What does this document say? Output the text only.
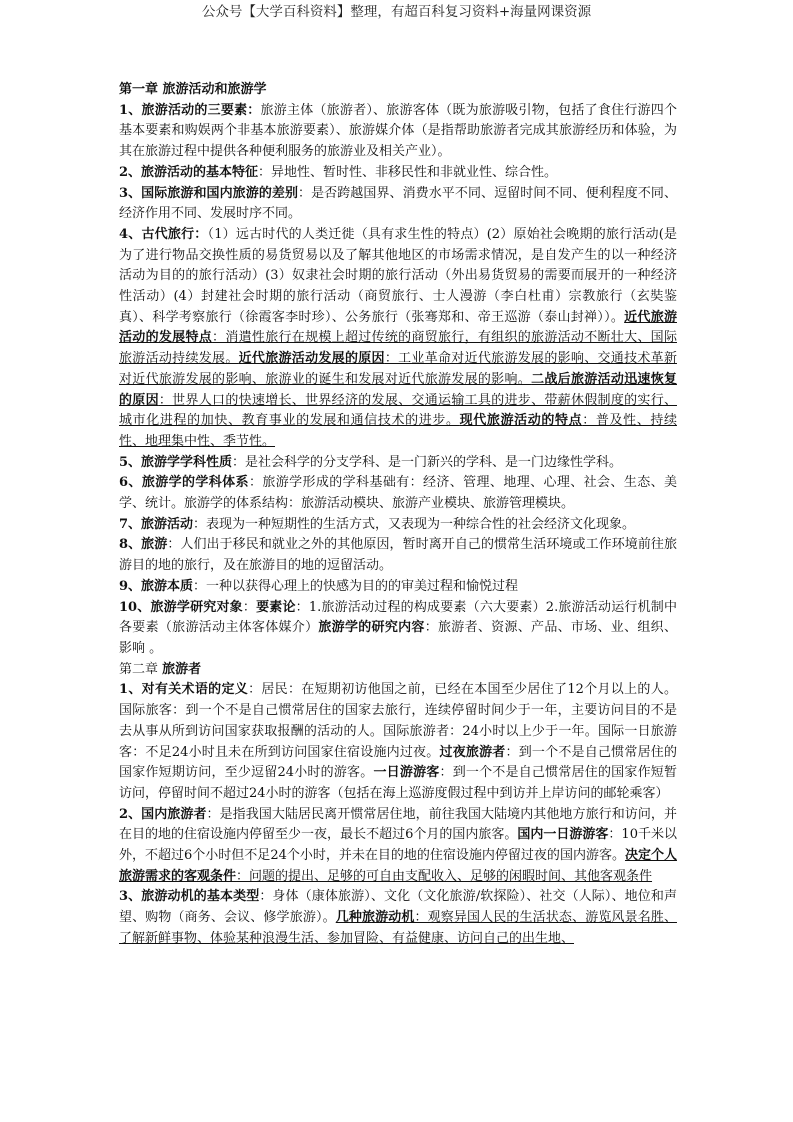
公众号【大学百科资料】整理，有超百科复习资料+海量网课资源

第一章 旅游活动和旅游学

1、旅游活动的三要素：旅游主体（旅游者）、旅游客体（既为旅游吸引物，包括了食住行游四个基本要素和购娱两个非基本旅游要素）、旅游媒介体（是指帮助旅游者完成其旅游经历和体验，为其在旅游过程中提供各种便利服务的旅游业及相关产业）。

2、旅游活动的基本特征：异地性、暂时性、非移民性和非就业性、综合性。

3、国际旅游和国内旅游的差别：是否跨越国界、消费水平不同、逗留时间不同、便利程度不同、经济作用不同、发展时序不同。

4、古代旅行：（1）远古时代的人类迁徙（具有求生性的特点）(2）原始社会晚期的旅行活动(是为了进行物品交换性质的易货贸易以及了解其他地区的市场需求情况，是自发产生的以一种经济活动为目的的旅行活动）(3）奴隶社会时期的旅行活动（外出易货贸易的需要而展开的一种经济性活动）(4）封建社会时期的旅行活动（商贸旅行、士人漫游（李白杜甫）宗教旅行（玄奘鉴真）、科学考察旅行（徐霞客李时珍）、公务旅行（张骞郑和、帝王巡游（泰山封禅））。近代旅游活动的发展特点：消遣性旅行在规模上超过传统的商贸旅行，有组织的旅游活动不断壮大、国际旅游活动持续发展。近代旅游活动发展的原因：工业革命对近代旅游发展的影响、交通技术革新对近代旅游发展的影响、旅游业的诞生和发展对近代旅游发展的影响。二战后旅游活动迅速恢复的原因：世界人口的快速增长、世界经济的发展、交通运输工具的进步、带薪休假制度的实行、城市化进程的加快、教育事业的发展和通信技术的进步。现代旅游活动的特点：普及性、持续性、地理集中性、季节性。

5、旅游学学科性质：是社会科学的分支学科、是一门新兴的学科、是一门边缘性学科。

6、旅游学的学科体系：旅游学形成的学科基础有：经济、管理、地理、心理、社会、生态、美学、统计。旅游学的体系结构：旅游活动模块、旅游产业模块、旅游管理模块。

7、旅游活动：表现为一种短期性的生活方式，又表现为一种综合性的社会经济文化现象。

8、旅游：人们出于移民和就业之外的其他原因，暂时离开自己的惯常生活环境或工作环境前往旅游目的地的旅行，及在旅游目的地的逗留活动。

9、旅游本质：一种以获得心理上的快感为目的的审美过程和愉悦过程

10、旅游学研究对象：要素论：1.旅游活动过程的构成要素（六大要素）2.旅游活动运行机制中各要素（旅游活动主体客体媒介）旅游学的研究内容：旅游者、资源、产品、市场、业、组织、影响 。

第二章 旅游者

1、对有关术语的定义：居民：在短期初访他国之前，已经在本国至少居住了12个月以上的人。国际旅客：到一个不是自己惯常居住的国家去旅行，连续停留时间少于一年，主要访问目的不是去从事从所到访问国家获取报酬的活动的人。国际旅游者：24小时以上少于一年。国际一日旅游客：不足24小时且未在所到访问国家住宿设施内过夜。过夜旅游者：到一个不是自己惯常居住的国家作短期访问，至少逗留24小时的游客。一日游游客：到一个不是自己惯常居住的国家作短暂访问，停留时间不超过24小时的游客（包括在海上巡游度假过程中到访并上岸访问的邮轮乘客）

2、国内旅游者：是指我国大陆居民离开惯常居住地，前往我国大陆境内其他地方旅行和访问，并在目的地的住宿设施内停留至少一夜，最长不超过6个月的国内旅客。国内一日游游客：10千米以外，不超过6个小时但不足24个小时，并未在目的地的住宿设施内停留过夜的国内游客。决定个人旅游需求的客观条件：问题的提出、足够的可自由支配收入、足够的闲暇时间、其他客观条件

3、旅游动机的基本类型：身体（康体旅游）、文化（文化旅游/软探险）、社交（人际）、地位和声望、购物（商务、会议、修学旅游）。几种旅游动机：观察异国人民的生活状态、游览风景名胜、了解新鲜事物、体验某种浪漫生活、参加冒险、有益健康、访问自己的出生地、
